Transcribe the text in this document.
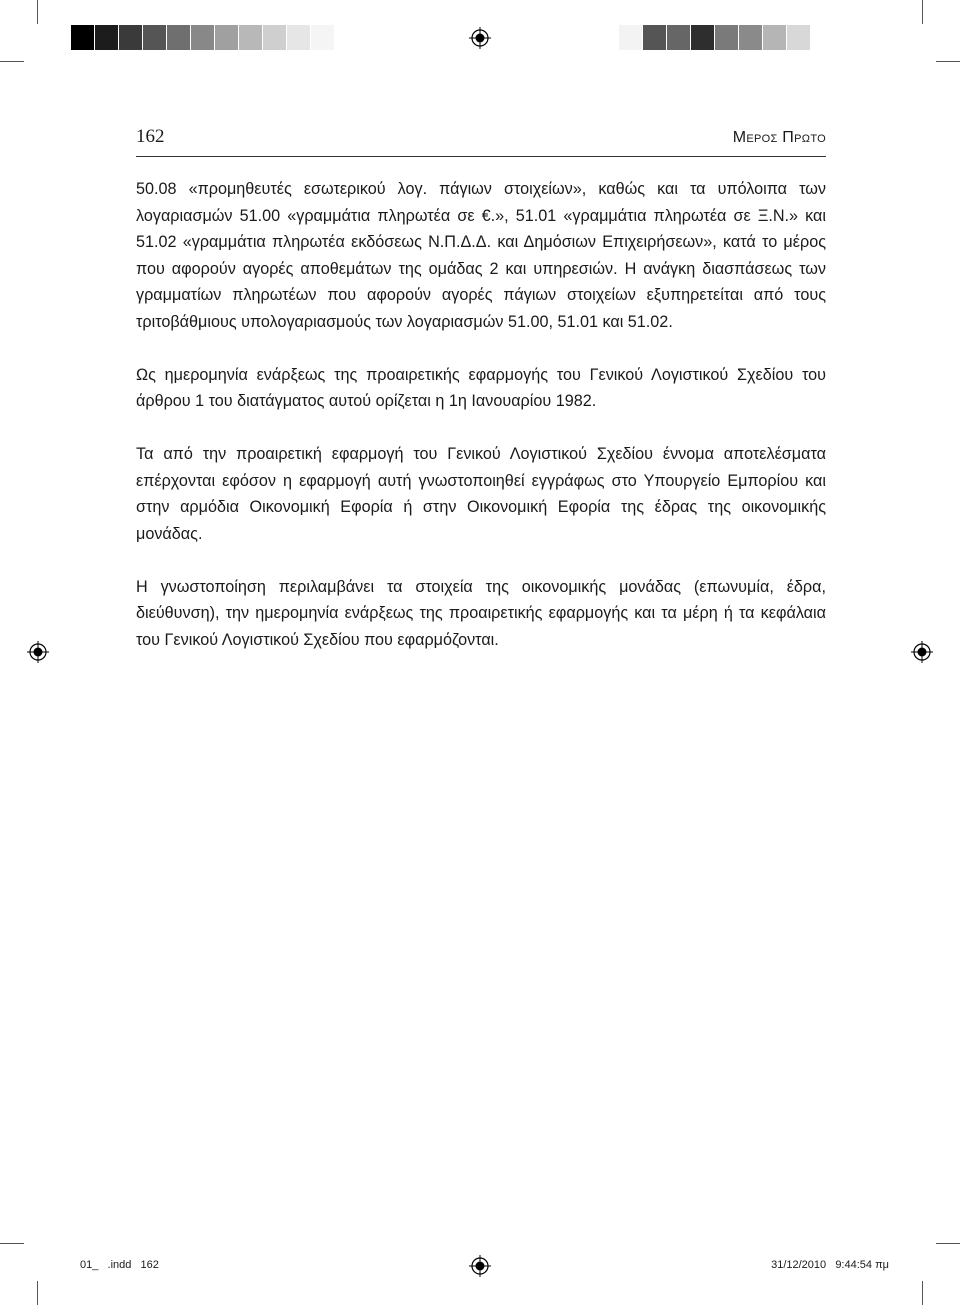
162	Μερος Πρωτο

50.08 «προμηθευτές εσωτερικού λογ. πάγιων στοιχείων», καθώς και τα υπόλοιπα των λογαριασμών 51.00 «γραμμάτια πληρωτέα σε €.», 51.01 «γραμμάτια πληρωτέα σε Ξ.Ν.» και 51.02 «γραμμάτια πληρωτέα εκδόσεως Ν.Π.Δ.Δ. και Δημόσιων Επιχειρήσεων», κατά το μέρος που αφορούν αγορές αποθεμάτων της ομάδας 2 και υπηρεσιών. Η ανάγκη διασπάσεως των γραμματίων πληρωτέων που αφορούν αγορές πάγιων στοιχείων εξυπηρετείται από τους τριτοβάθμιους υπολογαριασμούς των λογαριασμών 51.00, 51.01 και 51.02.

Ως ημερομηνία ενάρξεως της προαιρετικής εφαρμογής του Γενικού Λογιστικού Σχεδίου του άρθρου 1 του διατάγματος αυτού ορίζεται η 1η Ιανουαρίου 1982.

Τα από την προαιρετική εφαρμογή του Γενικού Λογιστικού Σχεδίου έννομα αποτελέσματα επέρχονται εφόσον η εφαρμογή αυτή γνωστοποιηθεί εγγράφως στο Υπουργείο Εμπορίου και στην αρμόδια Οικονομική Εφορία ή στην Οικονομική Εφορία της έδρας της οικονομικής μονάδας.

Η γνωστοποίηση περιλαμβάνει τα στοιχεία της οικονομικής μονάδας (επωνυμία, έδρα, διεύθυνση), την ημερομηνία ενάρξεως της προαιρετικής εφαρμογής και τα μέρη ή τα κεφάλαια του Γενικού Λογιστικού Σχεδίου που εφαρμόζονται.

01_   .indd   162	31/12/2010   9:44:54 πμ
